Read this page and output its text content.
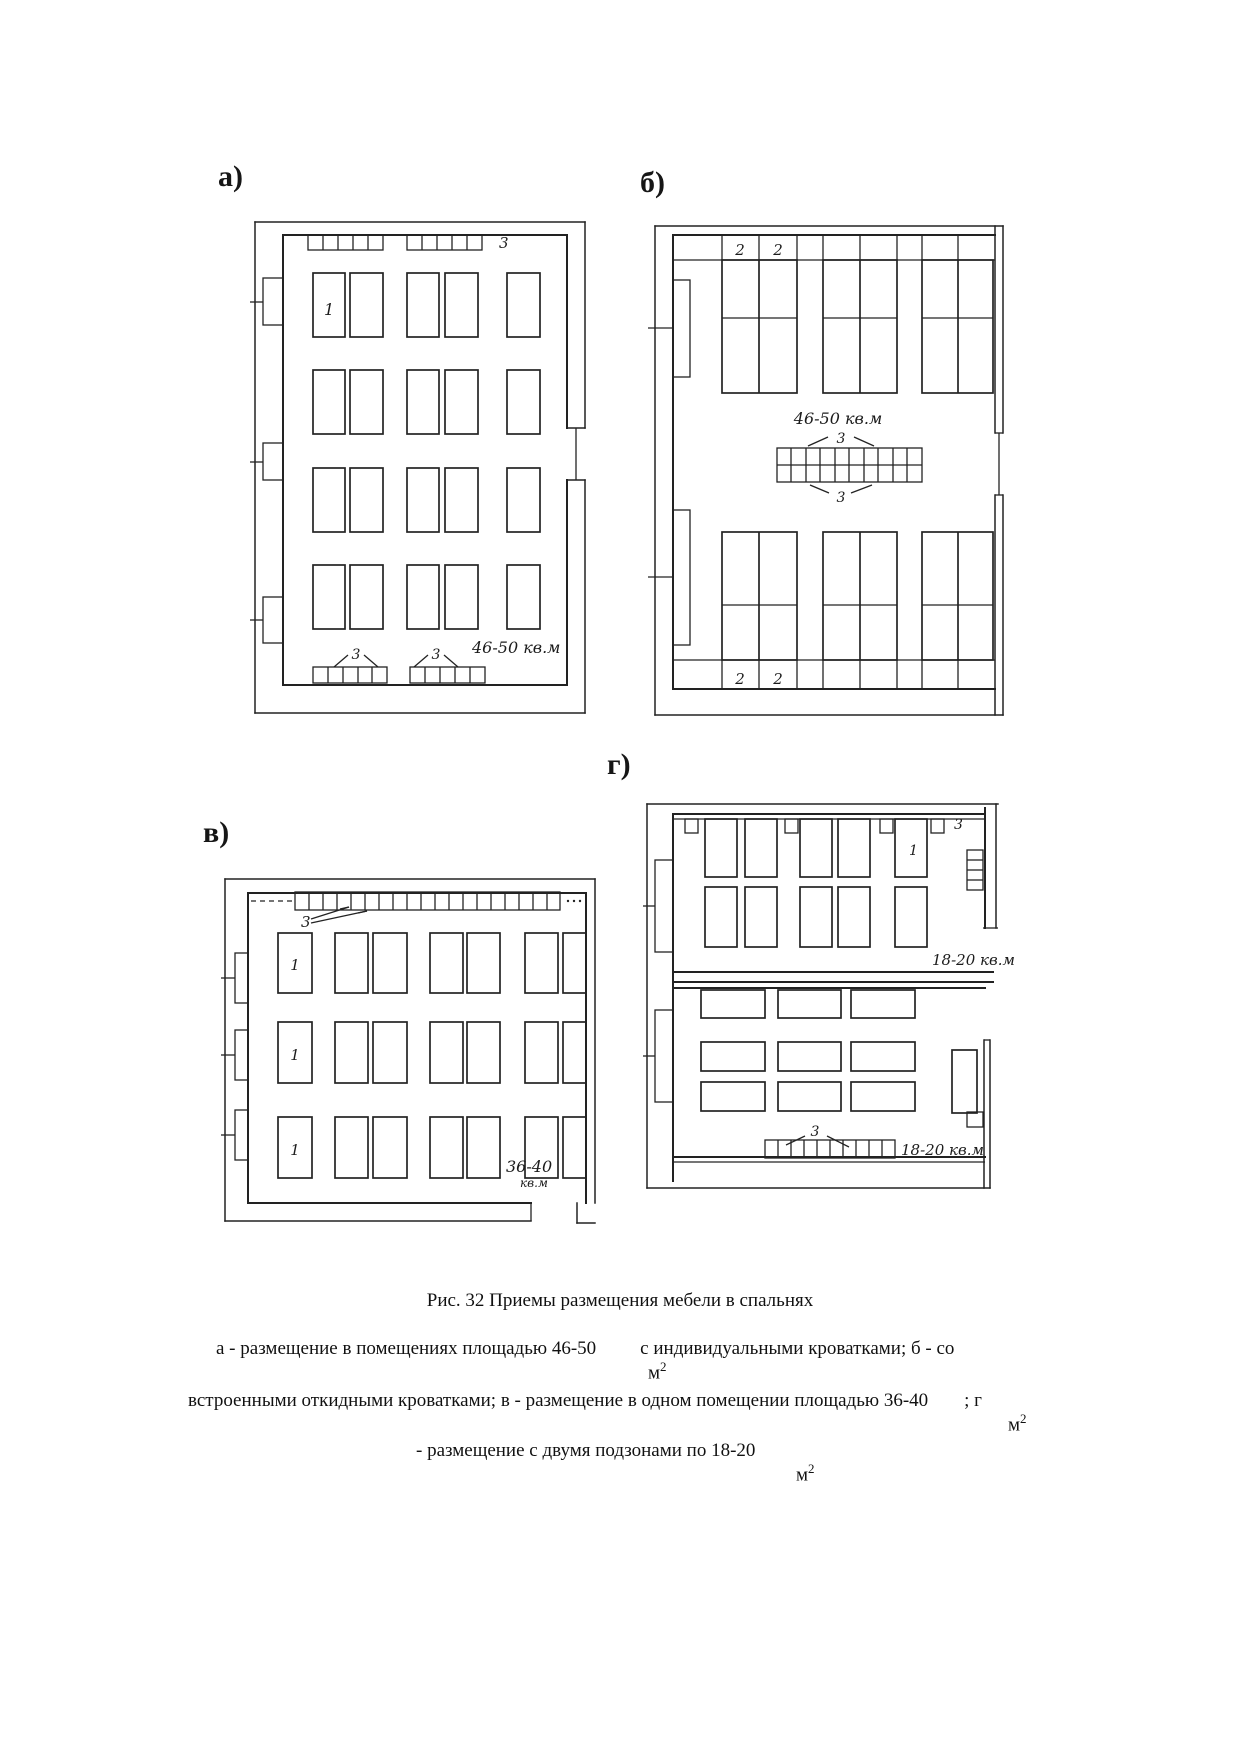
а)
3
1
3	3 46-50 кв.м
б)
2 2
46-50 кв.м
3
3
2 2
в)
3
1
1
1
36-40
кв.м
г)
3
1
18-20 кв.м
3
18-20 кв.м
Рис. 32 Приемы размещения мебели в спальнях
а - размещение в помещениях площадью 46-50 с индивидуальными кроватками; б - со
$м^2$
встроенными откидными кроватками; в - размещение в одном помещении площадью 36-40 ; г
$м^2$
- размещение с двумя подзонами по 18-20
$м^2$
